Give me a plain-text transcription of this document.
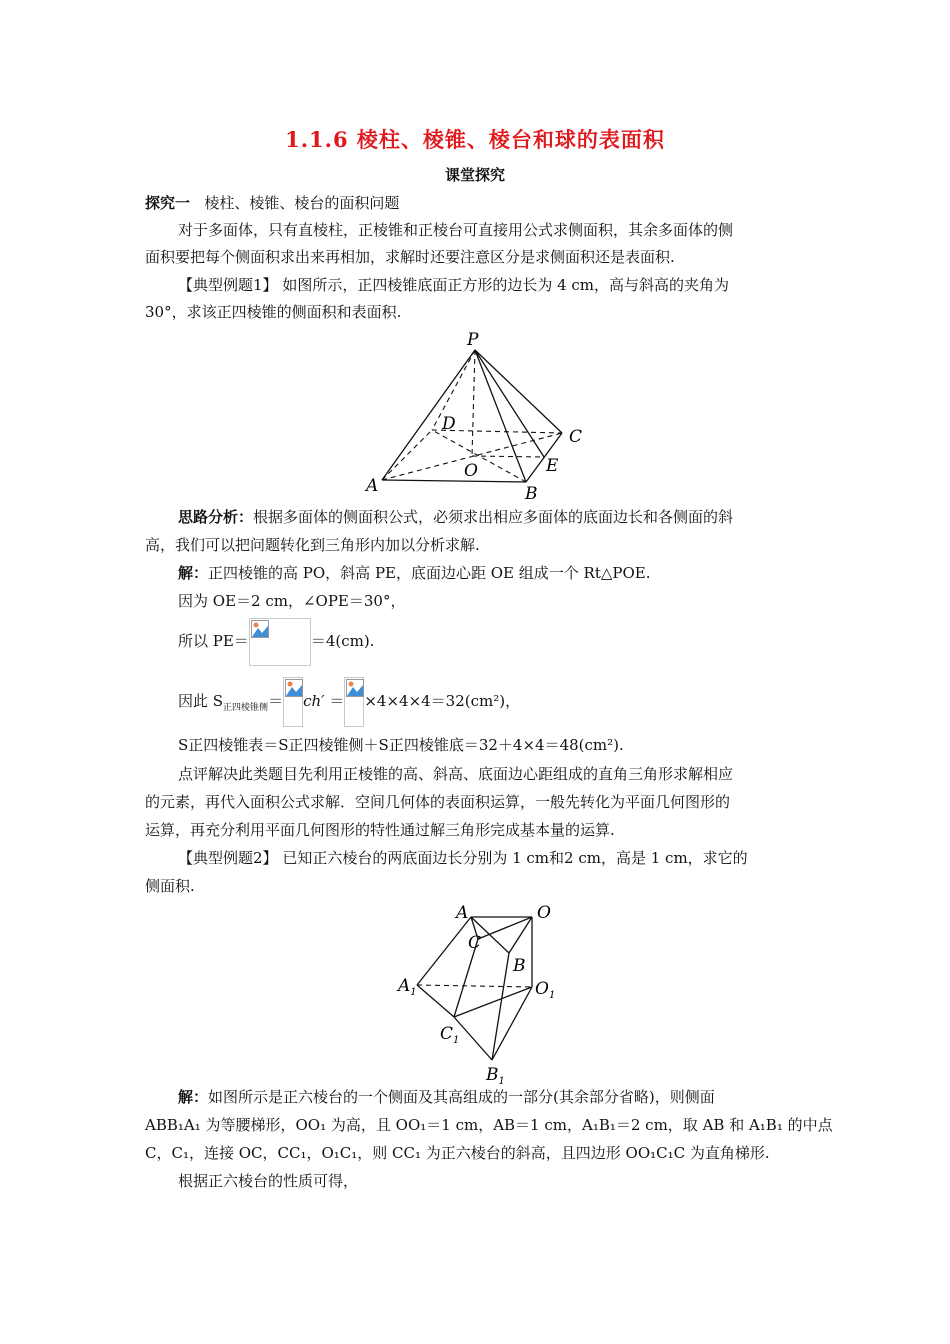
1.1.6 棱柱、棱锥、棱台和球的表面积
课堂探究
探究一 棱柱、棱锥、棱台的面积问题
对于多面体，只有直棱柱，正棱锥和正棱台可直接用公式求侧面积，其余多面体的侧
面积要把每个侧面积求出来再相加，求解时还要注意区分是求侧面积还是表面积.
【典型例题1】 如图所示，正四棱锥底面正方形的边长为 4 cm，高与斜高的夹角为
30°，求该正四棱锥的侧面积和表面积.
P
D
C
O	E
A	B
思路分析：根据多面体的侧面积公式，必须求出相应多面体的底面边长和各侧面的斜
高，我们可以把问题转化到三角形内加以分析求解.
解：正四棱锥的高 PO，斜高 PE，底面边心距 OE 组成一个 Rt△POE.
因为 OE＝2 cm，∠OPE＝30°，
所以 PE＝	＝4(cm).
因此 $S_{正四棱锥侧}= ch' = \times 4\times 4\times 4=32(cm^2)$，
S正四棱锥表＝S正四棱锥侧＋S正四棱锥底＝32＋4×4＝48(cm²).
点评解决此类题目先利用正棱锥的高、斜高、底面边心距组成的直角三角形求解相应
的元素，再代入面积公式求解．空间几何体的表面积运算，一般先转化为平面几何图形的
运算，再充分利用平面几何图形的特性通过解三角形完成基本量的运算.
【典型例题2】 已知正六棱台的两底面边长分别为 1 cm和2 cm，高是 1 cm，求它的
侧面积.
A	O
C
B
$A_1$	$O_1$
$C_1$
$B_1$
解：如图所示是正六棱台的一个侧面及其高组成的一部分(其余部分省略)，则侧面
ABB₁A₁ 为等腰梯形，OO₁ 为高，且 OO₁＝1 cm，AB＝1 cm，A₁B₁＝2 cm，取 AB 和 A₁B₁ 的中点
C，C₁，连接 OC，CC₁，O₁C₁，则 CC₁ 为正六棱台的斜高，且四边形 OO₁C₁C 为直角梯形.
根据正六棱台的性质可得，
